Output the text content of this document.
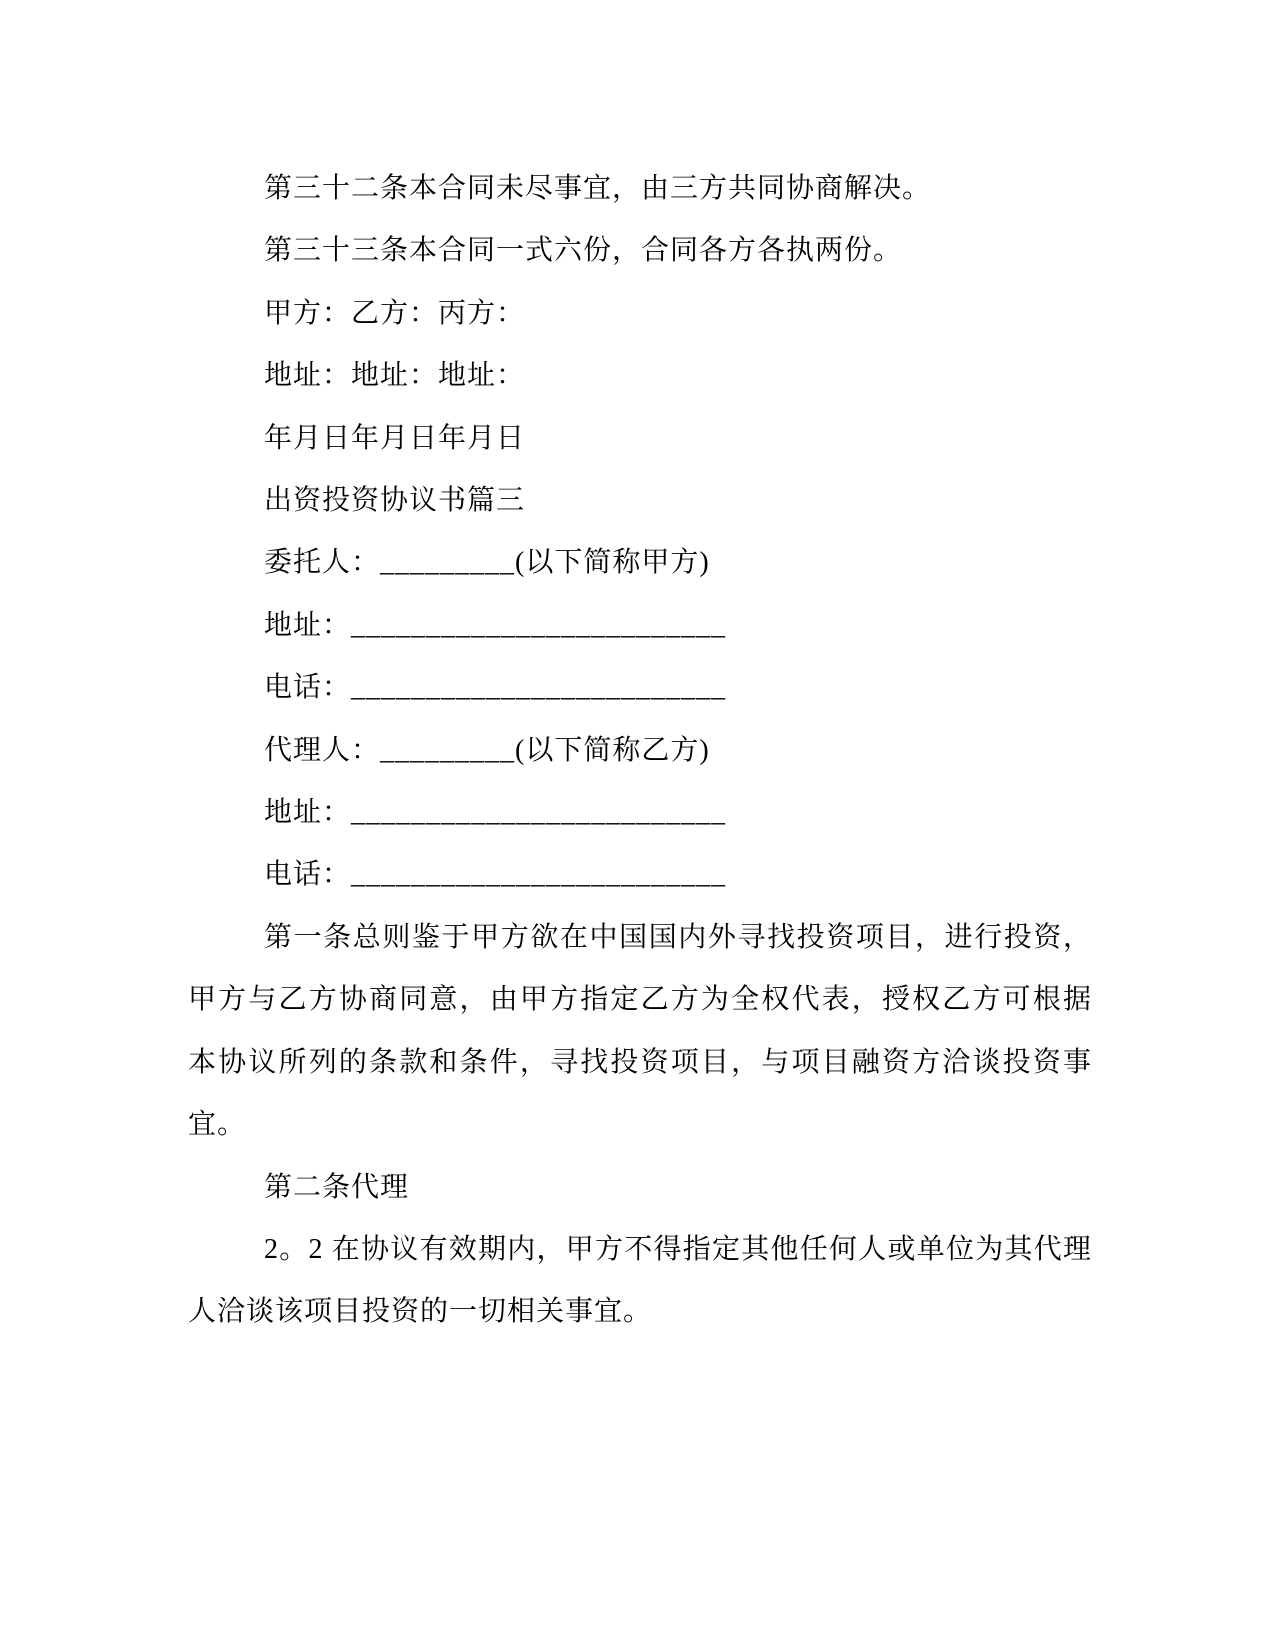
第三十二条本合同未尽事宜，由三方共同协商解决。

第三十三条本合同一式六份，合同各方各执两份。

甲方：乙方：丙方：

地址：地址：地址：

年月日年月日年月日

出资投资协议书篇三

委托人：_________(以下简称甲方)

地址：_________________________

电话：_________________________

代理人：_________(以下简称乙方)

地址：_________________________

电话：_________________________

第一条总则鉴于甲方欲在中国国内外寻找投资项目，进行投资，

甲方与乙方协商同意，由甲方指定乙方为全权代表，授权乙方可根据

本协议所列的条款和条件，寻找投资项目，与项目融资方洽谈投资事

宜。

第二条代理

2。2 在协议有效期内，甲方不得指定其他任何人或单位为其代理

人洽谈该项目投资的一切相关事宜。
